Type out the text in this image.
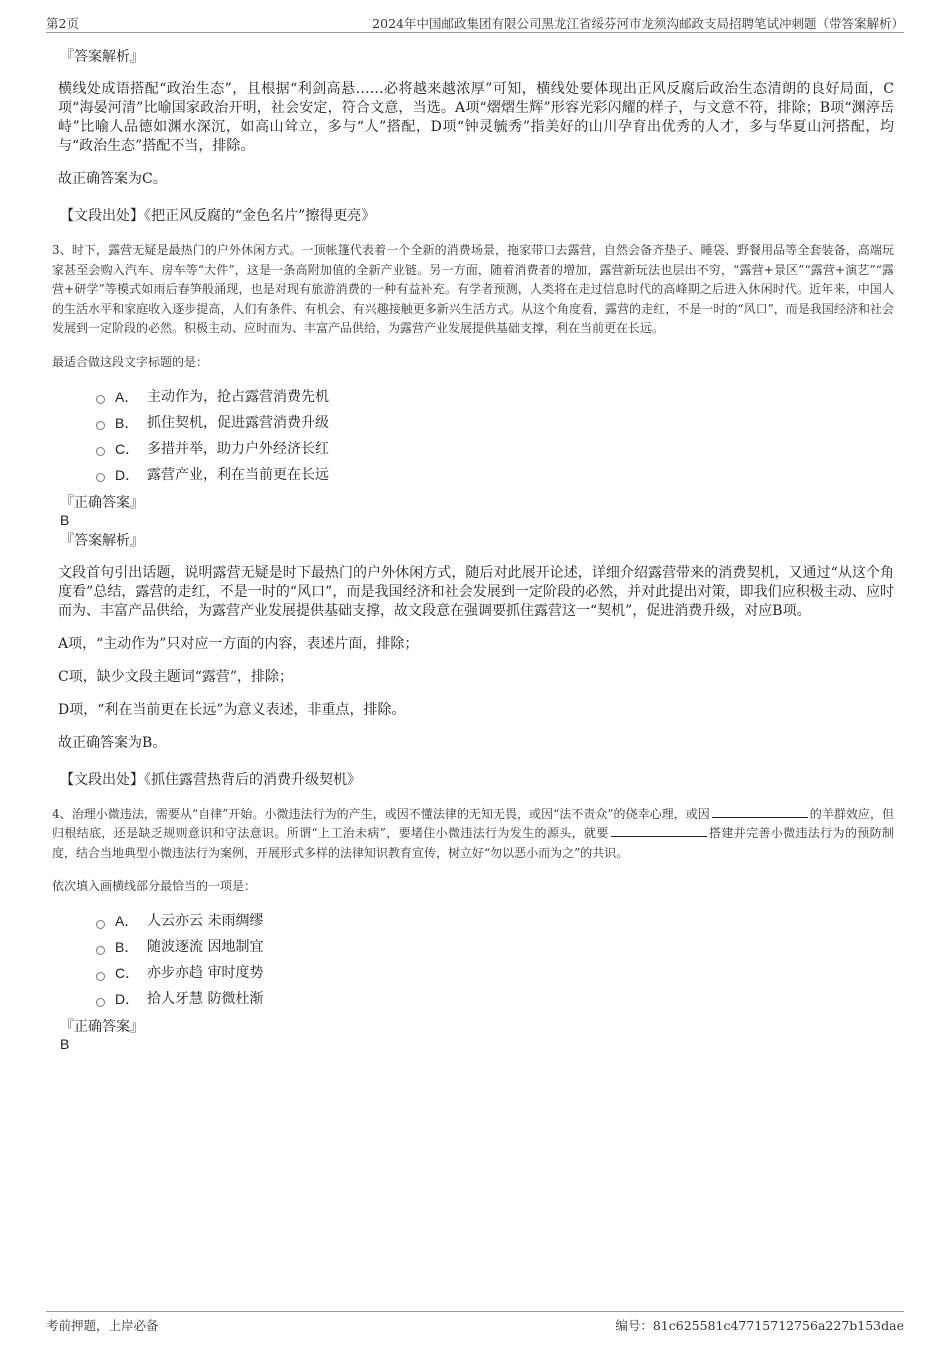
第2页	2024年中国邮政集团有限公司黑龙江省绥芬河市龙须沟邮政支局招聘笔试冲刺题（带答案解析）
『答案解析』
横线处成语搭配“政治生态”，且根据“利剑高悬……必将越来越浓厚”可知，横线处要体现出正风反腐后政治生态清朗的良好局面，C项“海晏河清”比喻国家政治开明，社会安定，符合文意，当选。A项“熠熠生辉”形容光彩闪耀的样子，与文意不符，排除；B项“渊渟岳峙”比喻人品德如渊水深沉，如高山耸立，多与“人”搭配，D项“钟灵毓秀”指美好的山川孕育出优秀的人才，多与华夏山河搭配，均与“政治生态”搭配不当，排除。
故正确答案为C。
【文段出处】《把正风反腐的“金色名片”擦得更亮》
3、时下，露营无疑是最热门的户外休闲方式。一顶帐篷代表着一个全新的消费场景，拖家带口去露营，自然会备齐垫子、睡袋、野餐用品等全套装备，高端玩家甚至会购入汽车、房车等“大件”，这是一条高附加值的全新产业链。另一方面，随着消费者的增加，露营新玩法也层出不穷，“露营+景区”“露营+演艺”“露营+研学”等模式如雨后春笋般涌现，也是对现有旅游消费的一种有益补充。有学者预测，人类将在走过信息时代的高峰期之后进入休闲时代。近年来，中国人的生活水平和家庭收入逐步提高，人们有条件、有机会、有兴趣接触更多新兴生活方式。从这个角度看，露营的走红，不是一时的“风口”，而是我国经济和社会发展到一定阶段的必然。积极主动、应时而为、丰富产品供给，为露营产业发展提供基础支撑，利在当前更在长远。
最适合做这段文字标题的是：
A． 主动作为，抢占露营消费先机
B． 抓住契机，促进露营消费升级
C． 多措并举，助力户外经济长红
D． 露营产业，利在当前更在长远
『正确答案』
B
『答案解析』
文段首句引出话题，说明露营无疑是时下最热门的户外休闲方式，随后对此展开论述，详细介绍露营带来的消费契机，又通过“从这个角度看”总结，露营的走红，不是一时的“风口”，而是我国经济和社会发展到一定阶段的必然，并对此提出对策，即我们应积极主动、应时而为、丰富产品供给，为露营产业发展提供基础支撑，故文段意在强调要抓住露营这一“契机”，促进消费升级，对应B项。
A项，“主动作为”只对应一方面的内容，表述片面，排除；
C项，缺少文段主题词“露营”，排除；
D项，“利在当前更在长远”为意义表述，非重点，排除。
故正确答案为B。
【文段出处】《抓住露营热背后的消费升级契机》
4、治理小微违法，需要从“自律”开始。小微违法行为的产生，或因不懂法律的无知无畏，或因“法不责众”的侥幸心理，或因	的羊群效应，但归根结底，还是缺乏规则意识和守法意识。所谓“上工治未病”，要堵住小微违法行为发生的源头，就要	搭建并完善小微违法行为的预防制度，结合当地典型小微违法行为案例，开展形式多样的法律知识教育宣传，树立好“勿以恶小而为之”的共识。
依次填入画横线部分最恰当的一项是：
A． 人云亦云 未雨绸缪
B． 随波逐流 因地制宜
C． 亦步亦趋 审时度势
D． 拾人牙慧 防微杜渐
『正确答案』
B
考前押题，上岸必备	编号：81c625581c47715712756a227b153dae
